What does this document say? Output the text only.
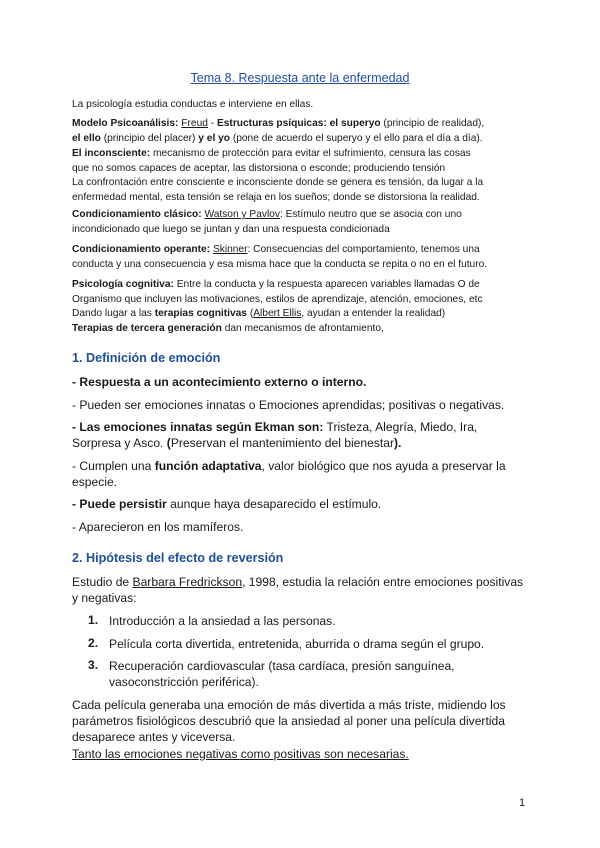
Tema 8. Respuesta ante la enfermedad
La psicología estudia conductas e interviene en ellas.
Modelo Psicoanálisis: Freud - Estructuras psíquicas: el superyo (principio de realidad),
el ello (principio del placer) y el yo (pone de acuerdo el superyo y el ello para el día a día).
El inconsciente: mecanismo de protección para evitar el sufrimiento, censura las cosas
que no somos capaces de aceptar, las distorsiona o esconde; produciendo tensión
La confrontación entre consciente e inconsciente donde se genera es tensión, da lugar a la
enfermedad mental, esta tensión se relaja en los sueños; donde se distorsiona la realidad.
Condicionamiento clásico: Watson y Pavlov: Estímulo neutro que se asocia con uno
incondicionado que luego se juntan y dan una respuesta condicionada
Condicionamiento operante: Skinner: Consecuencias del comportamiento, tenemos una
conducta y una consecuencia y esa misma hace que la conducta se repita o no en el futuro.
Psicología cognitiva: Entre la conducta y la respuesta aparecen variables llamadas O de
Organismo que incluyen las motivaciones, estilos de aprendizaje, atención, emociones, etc
Dando lugar a las terapias cognitivas (Albert Ellis, ayudan a entender la realidad)
Terapias de tercera generación dan mecanismos de afrontamiento,
1. Definición de emoción
- Respuesta a un acontecimiento externo o interno.
- Pueden ser emociones innatas o Emociones aprendidas; positivas o negativas.
- Las emociones innatas según Ekman son: Tristeza, Alegría, Miedo, Ira,
Sorpresa y Asco. (Preservan el mantenimiento del bienestar).
- Cumplen una función adaptativa, valor biológico que nos ayuda a preservar la
especie.
- Puede persistir aunque haya desaparecido el estímulo.
- Aparecieron en los mamíferos.
2. Hipótesis del efecto de reversión
Estudio de Barbara Fredrickson, 1998, estudia la relación entre emociones positivas
y negativas:
1. Introducción a la ansiedad a las personas.
2. Película corta divertida, entretenida, aburrida o drama según el grupo.
3. Recuperación cardiovascular (tasa cardíaca, presión sanguínea,
vasoconstricción periférica).
Cada película generaba una emoción de más divertida a más triste, midiendo los
parámetros fisiológicos descubrió que la ansiedad al poner una película divertida
desaparece antes y viceversa.
Tanto las emociones negativas como positivas son necesarias.
1
